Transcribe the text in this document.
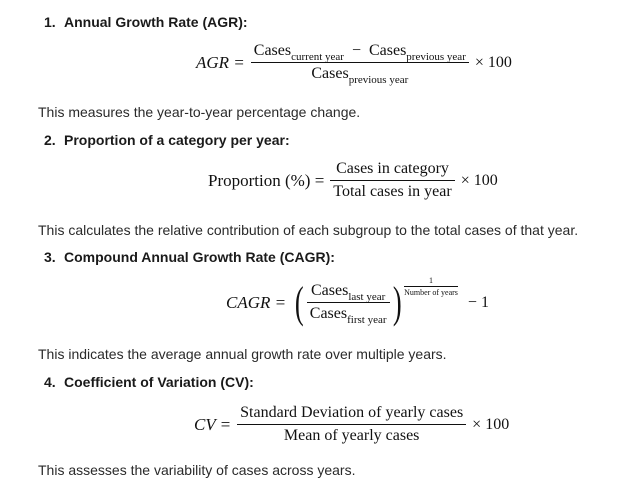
1. Annual Growth Rate (AGR):
AGR = $\frac{Cases_{current year} - Cases_{previous year}}{Cases_{previous year}} \times 100$
This measures the year-to-year percentage change.
2. Proportion of a category per year:
Proportion (%) = $\frac{\text{Cases in category}}{\text{Total cases in year}} \times 100$
This calculates the relative contribution of each subgroup to the total cases of that year.
3. Compound Annual Growth Rate (CAGR):
CAGR = ( $\frac{Cases_{last year}}{Cases_{first year}}$ )	1
Number of years
− 1
This indicates the average annual growth rate over multiple years.
4. Coefficient of Variation (CV):
CV = $\frac{\text{Standard Deviation of yearly cases}}{\text{Mean of yearly cases}} \times 100$
This assesses the variability of cases across years.
